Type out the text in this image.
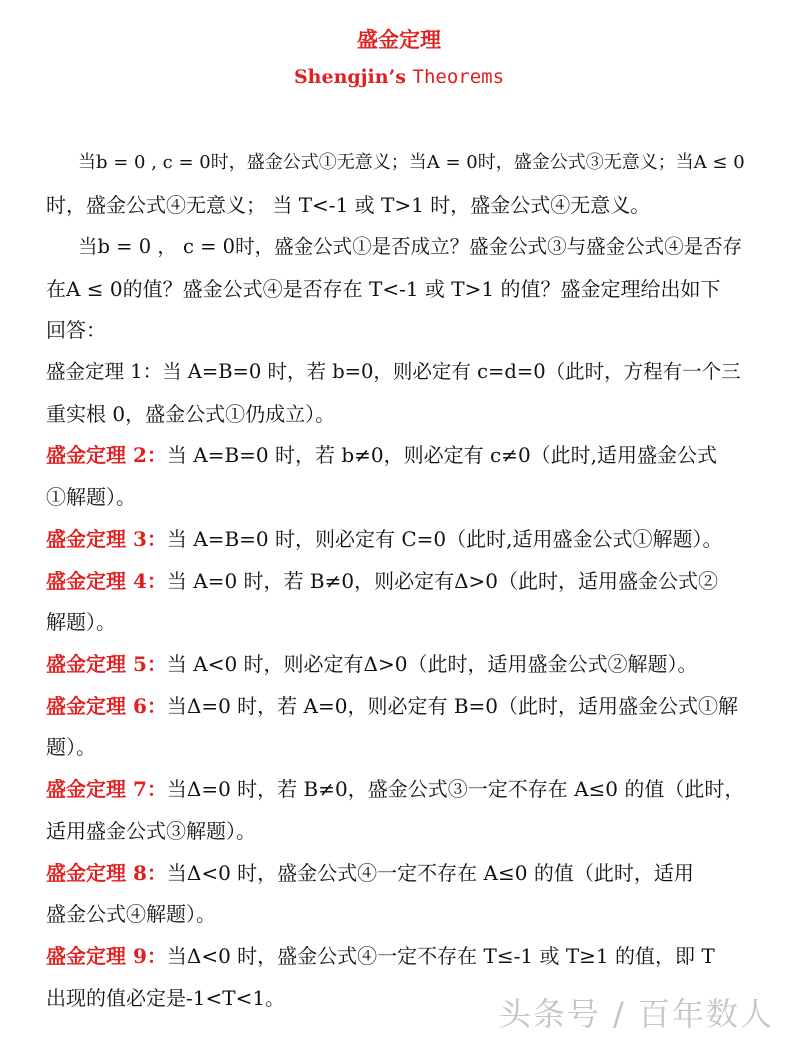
盛金定理
Shengjin’s Theorems
当b = 0 , c = 0时，盛金公式①无意义；当A = 0时，盛金公式③无意义；当A ≤ 0
时，盛金公式④无意义； 当 T<-1 或 T>1 时，盛金公式④无意义。
当b = 0 ， c = 0时，盛金公式①是否成立？盛金公式③与盛金公式④是否存
在A ≤ 0的值？盛金公式④是否存在 T<-1 或 T>1 的值？盛金定理给出如下
回答：
盛金定理 1：当 A=B=0 时，若 b=0，则必定有 c=d=0（此时，方程有一个三
重实根 0，盛金公式①仍成立）。
盛金定理 2：当 A=B=0 时，若 b≠0，则必定有 c≠0（此时,适用盛金公式
①解题）。
盛金定理 3：当 A=B=0 时，则必定有 C=0（此时,适用盛金公式①解题）。
盛金定理 4：当 A=0 时，若 B≠0，则必定有Δ>0（此时，适用盛金公式②
解题）。
盛金定理 5：当 A<0 时，则必定有Δ>0（此时，适用盛金公式②解题）。
盛金定理 6：当Δ=0 时，若 A=0，则必定有 B=0（此时，适用盛金公式①解
题）。
盛金定理 7：当Δ=0 时，若 B≠0，盛金公式③一定不存在 A≤0 的值（此时，
适用盛金公式③解题）。
盛金定理 8：当Δ<0 时，盛金公式④一定不存在 A≤0 的值（此时，适用
盛金公式④解题）。
盛金定理 9：当Δ<0 时，盛金公式④一定不存在 T≤-1 或 T≥1 的值，即 T
出现的值必定是-1<T<1。	头条号 / 百年数人
